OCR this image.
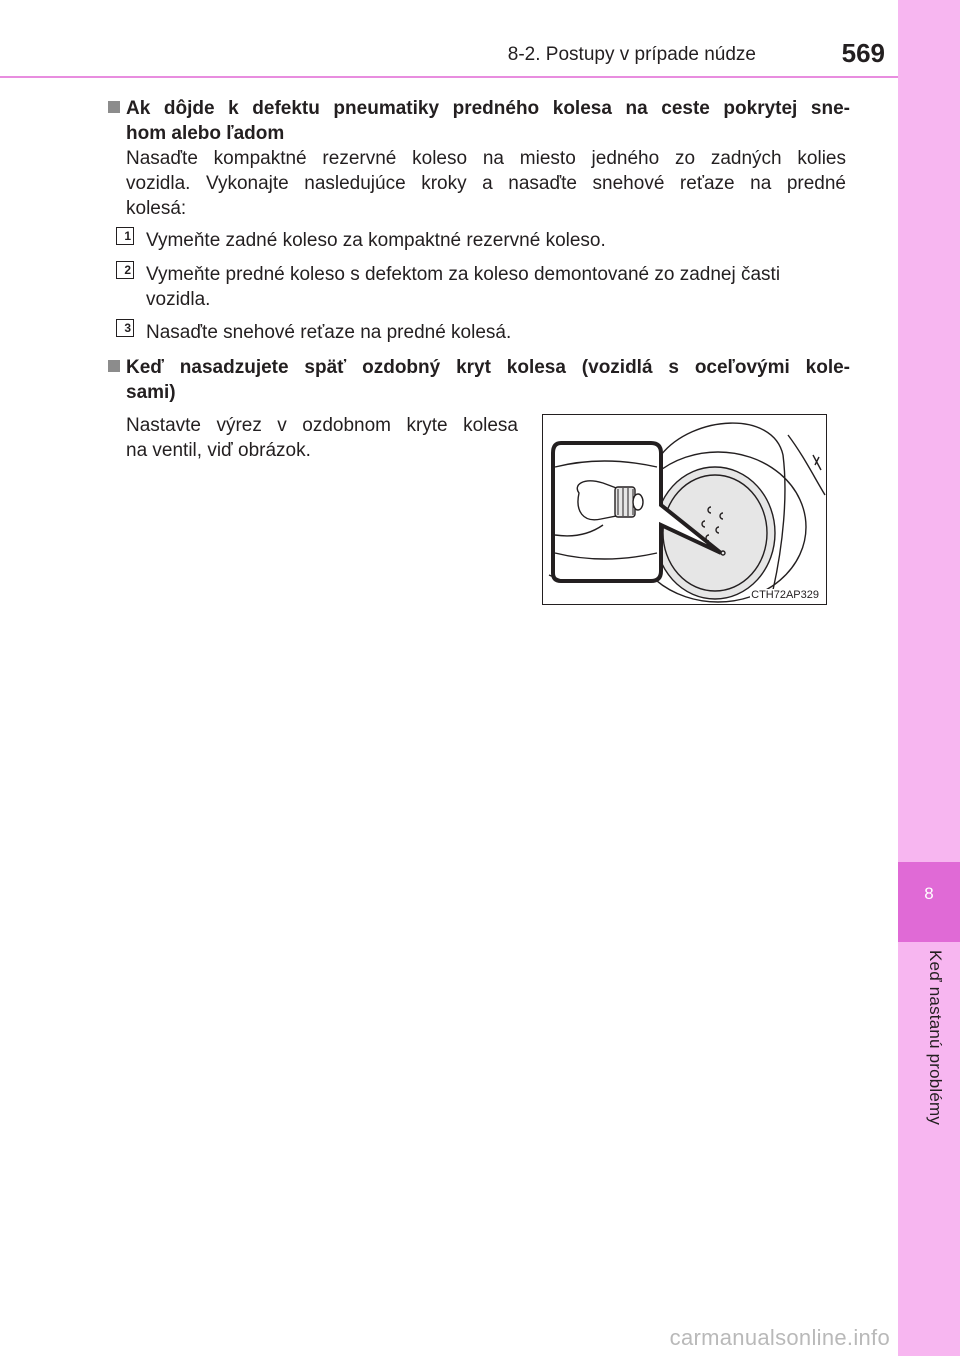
8
Keď nastanú problémy
8-2. Postupy v prípade núdze	569
Ak dôjde k defektu pneumatiky predného kolesa na ceste pokrytej sne-
hom alebo ľadom
Nasaďte kompaktné rezervné koleso na miesto jedného zo zadných kolies
vozidla. Vykonajte nasledujúce kroky a nasaďte snehové reťaze na predné
kolesá:
1 Vymeňte zadné koleso za kompaktné rezervné koleso.
2 Vymeňte predné koleso s defektom za koleso demontované zo zadnej časti
vozidla.
3 Nasaďte snehové reťaze na predné kolesá.
Keď nasadzujete späť ozdobný kryt kolesa (vozidlá s oceľovými kole-
sami)
Nastavte výrez v ozdobnom kryte kolesa
na ventil, viď obrázok.
CTH72AP329
carmanualsonline.info
